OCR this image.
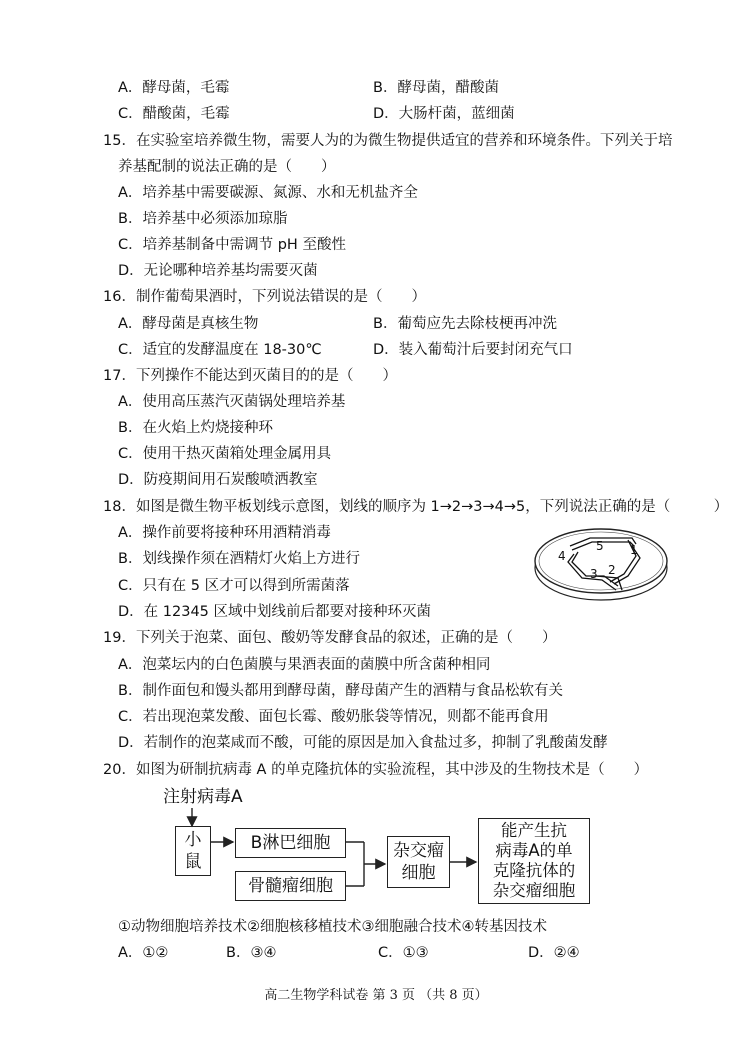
A．酵母菌，毛霉	B．酵母菌，醋酸菌
C．醋酸菌，毛霉	D．大肠杆菌，蓝细菌
15．在实验室培养微生物，需要人为的为微生物提供适宜的营养和环境条件。下列关于培
养基配制的说法正确的是（　　）
A．培养基中需要碳源、氮源、水和无机盐齐全
B．培养基中必须添加琼脂
C．培养基制备中需调节 pH 至酸性
D．无论哪种培养基均需要灭菌
16．制作葡萄果酒时，下列说法错误的是（　　）
A．酵母菌是真核生物	B．葡萄应先去除枝梗再冲洗
C．适宜的发酵温度在 18-30℃	D．装入葡萄汁后要封闭充气口
17．下列操作不能达到灭菌目的的是（　　）
A．使用高压蒸汽灭菌锅处理培养基
B．在火焰上灼烧接种环
C．使用干热灭菌箱处理金属用具
D．防疫期间用石炭酸喷洒教室
18．如图是微生物平板划线示意图，划线的顺序为 1→2→3→4→5，下列说法正确的是（　　　）
A．操作前要将接种环用酒精消毒
B．划线操作须在酒精灯火焰上方进行
C．只有在 5 区才可以得到所需菌落
D．在 12345 区域中划线前后都要对接种环灭菌
4
5 1
3 2
19．下列关于泡菜、面包、酸奶等发酵食品的叙述，正确的是（　　）
A．泡菜坛内的白色菌膜与果酒表面的菌膜中所含菌种相同
B．制作面包和馒头都用到酵母菌，酵母菌产生的酒精与食品松软有关
C．若出现泡菜发酸、面包长霉、酸奶胀袋等情况，则都不能再食用
D．若制作的泡菜咸而不酸，可能的原因是加入食盐过多，抑制了乳酸菌发酵
20．如图为研制抗病毒 A 的单克隆抗体的实验流程，其中涉及的生物技术是（　　）
注射病毒A
小
鼠
B淋巴细胞
骨髓瘤细胞
杂交瘤
细胞
能产生抗
病毒A的单
克隆抗体的
杂交瘤细胞
①动物细胞培养技术②细胞核移植技术③细胞融合技术④转基因技术
A．①②	B．③④	C．①③	D．②④
高二生物学科试卷 第 3 页 （共 8 页）
